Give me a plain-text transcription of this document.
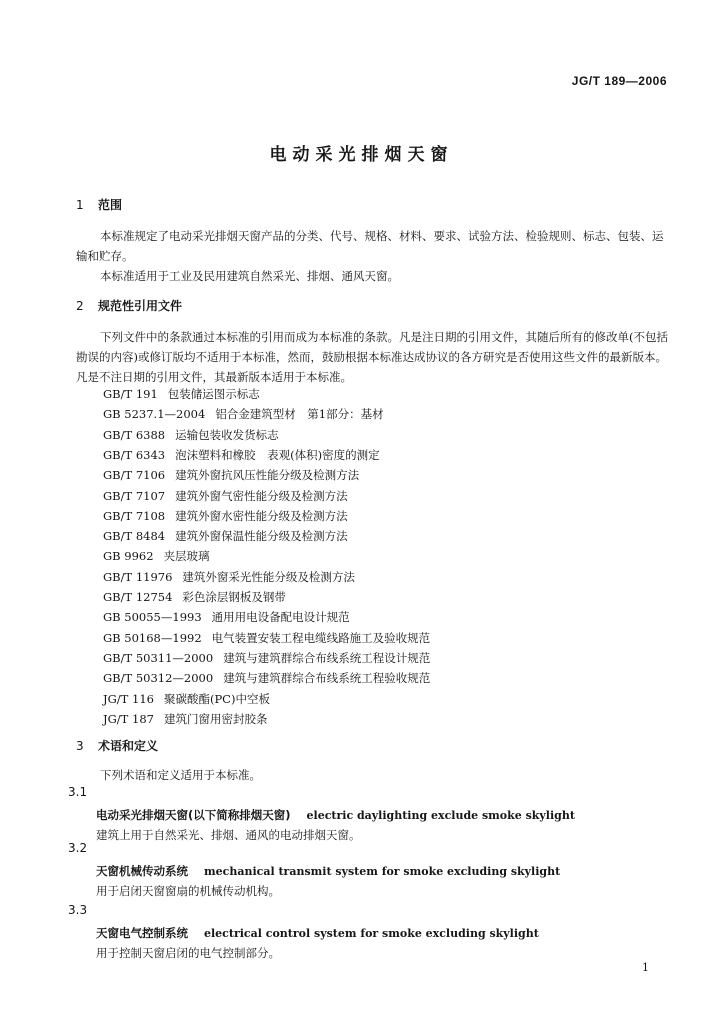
JG/T 189—2006
电动采光排烟天窗
1 范围
本标准规定了电动采光排烟天窗产品的分类、代号、规格、材料、要求、试验方法、检验规则、标志、包装、运输和贮存。
本标准适用于工业及民用建筑自然采光、排烟、通风天窗。
2 规范性引用文件
下列文件中的条款通过本标准的引用而成为本标准的条款。凡是注日期的引用文件，其随后所有的修改单(不包括勘误的内容)或修订版均不适用于本标准，然而，鼓励根据本标准达成协议的各方研究是否使用这些文件的最新版本。凡是不注日期的引用文件，其最新版本适用于本标准。
GB/T 191 包装储运图示标志
GB 5237.1—2004 铝合金建筑型材　第1部分：基材
GB/T 6388 运输包装收发货标志
GB/T 6343 泡沫塑料和橡胶　表观(体积)密度的测定
GB/T 7106 建筑外窗抗风压性能分级及检测方法
GB/T 7107 建筑外窗气密性能分级及检测方法
GB/T 7108 建筑外窗水密性能分级及检测方法
GB/T 8484 建筑外窗保温性能分级及检测方法
GB 9962 夹层玻璃
GB/T 11976 建筑外窗采光性能分级及检测方法
GB/T 12754 彩色涂层钢板及钢带
GB 50055—1993 通用用电设备配电设计规范
GB 50168—1992 电气装置安装工程电缆线路施工及验收规范
GB/T 50311—2000 建筑与建筑群综合布线系统工程设计规范
GB/T 50312—2000 建筑与建筑群综合布线系统工程验收规范
JG/T 116 聚碳酸酯(PC)中空板
JG/T 187 建筑门窗用密封胶条
3 术语和定义
下列术语和定义适用于本标准。
3.1
电动采光排烟天窗(以下简称排烟天窗) electric daylighting exclude smoke skylight
建筑上用于自然采光、排烟、通风的电动排烟天窗。
3.2
天窗机械传动系统 mechanical transmit system for smoke excluding skylight
用于启闭天窗窗扇的机械传动机构。
3.3
天窗电气控制系统 electrical control system for smoke excluding skylight
用于控制天窗启闭的电气控制部分。
1
